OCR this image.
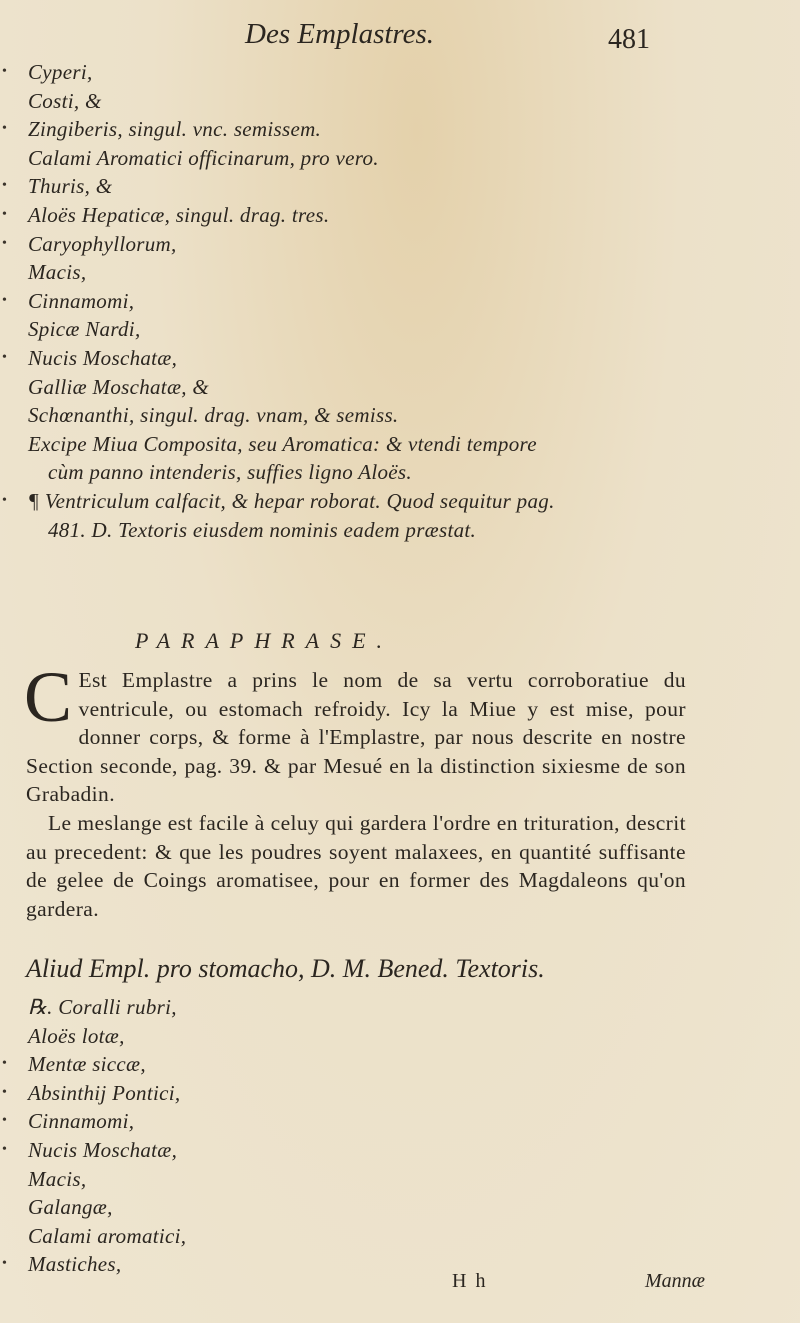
Des Emplastres.	481
• Cyperi,
Costi, &
• Zingiberis, singul. vnc. semissem.
Calami Aromatici officinarum, pro vero.
• Thuris, &
• Aloës Hepaticæ, singul. drag. tres.
• Caryophyllorum,
Macis,
• Cinnamomi,
Spicæ Nardi,
• Nucis Moschatæ,
Galliæ Moschatæ, &
Schœnanthi, singul. drag. vnam, & semiss.
Excipe Miua Composita, seu Aromatica: & vtendi tempore
cùm panno intenderis, suffies ligno Aloës.
• ¶ Ventriculum calfacit, & hepar roborat. Quod sequitur pag.
481. D. Textoris eiusdem nominis eadem præstat.
PARAPHRASE.

C Est Emplastre a prins le nom de sa vertu corroboratiue du ventricule, ou estomach refroidy. Icy la Miue y est mise, pour donner corps, & forme à l'Emplastre, par nous descrite en nostre Section seconde, pag. 39. & par Mesué en la distinction sixiesme de son Grabadin.

Le meslange est facile à celuy qui gardera l'ordre en trituration, descrit au precedent: & que les poudres soyent malaxees, en quantité suffisante de gelee de Coings aromatisee, pour en former des Magdaleons qu'on gardera.

Aliud Empl. pro stomacho, D. M. Bened. Textoris.
℞. Coralli rubri,
Aloës lotæ,
• Mentæ siccæ,
• Absinthij Pontici,
• Cinnamomi,
• Nucis Moschatæ,
Macis,
Galangæ,
Calami aromatici,
• Mastiches,
H h	Mannæ
